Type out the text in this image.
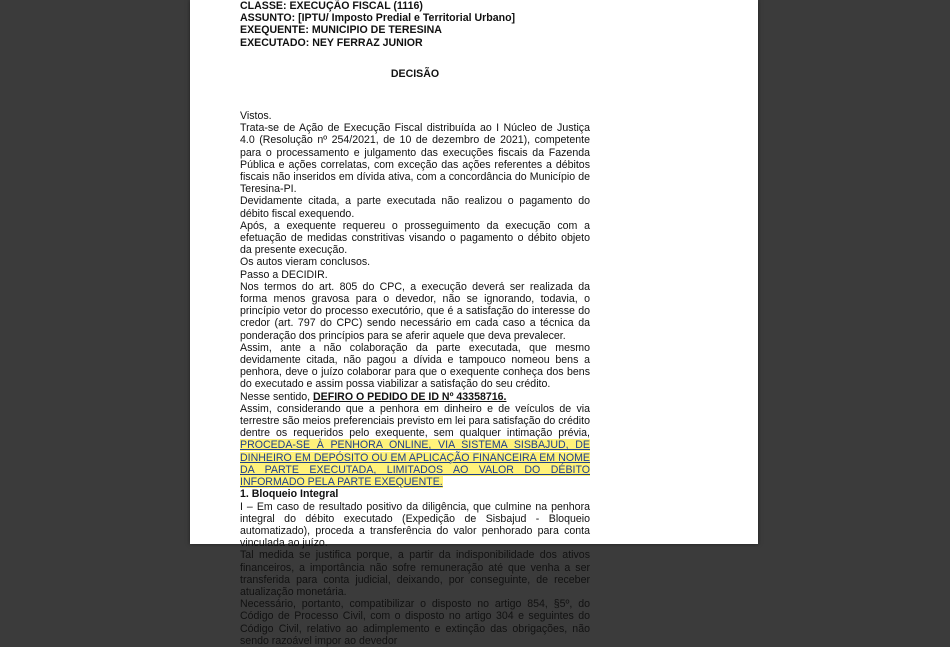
CLASSE: EXECUÇÃO FISCAL (1116)
ASSUNTO: [IPTU/ Imposto Predial e Territorial Urbano]
EXEQUENTE: MUNICIPIO DE TERESINA
EXECUTADO: NEY FERRAZ JUNIOR
DECISÃO

Vistos.

Trata-se de Ação de Execução Fiscal distribuída ao I Núcleo de Justiça 4.0 (Resolução nº 254/2021, de 10 de dezembro de 2021), competente para o processamento e julgamento das execuções fiscais da Fazenda Pública e ações correlatas, com exceção das ações referentes a débitos fiscais não inseridos em dívida ativa, com a concordância do Município de Teresina-PI.

Devidamente citada, a parte executada não realizou o pagamento do débito fiscal exequendo.

Após, a exequente requereu o prosseguimento da execução com a efetuação de medidas constritivas visando o pagamento o débito objeto da presente execução.

Os autos vieram conclusos.

Passo a DECIDIR.

Nos termos do art. 805 do CPC, a execução deverá ser realizada da forma menos gravosa para o devedor, não se ignorando, todavia, o princípio vetor do processo executório, que é a satisfação do interesse do credor (art. 797 do CPC) sendo necessário em cada caso a técnica da ponderação dos princípios para se aferir aquele que deva prevalecer.

Assim, ante a não colaboração da parte executada, que mesmo devidamente citada, não pagou a dívida e tampouco nomeou bens a penhora, deve o juízo colaborar para que o exequente conheça dos bens do executado e assim possa viabilizar a satisfação do seu crédito.

Nesse sentido, DEFIRO O PEDIDO DE ID Nº 43358716.

Assim, considerando que a penhora em dinheiro e de veículos de via terrestre são meios preferenciais previsto em lei para satisfação do crédito dentre os requeridos pelo exequente, sem qualquer intimação prévia, PROCEDA-SE À PENHORA ONLINE, VIA SISTEMA SISBAJUD, DE DINHEIRO EM DEPÓSITO OU EM APLICAÇÃO FINANCEIRA EM NOME DA PARTE EXECUTADA, LIMITADOS AO VALOR DO DÉBITO INFORMADO PELA PARTE EXEQUENTE.

1. Bloqueio Integral

I – Em caso de resultado positivo da diligência, que culmine na penhora integral do débito executado (Expedição de Sisbajud - Bloqueio automatizado), proceda a transferência do valor penhorado para conta vinculada ao juízo.

Tal medida se justifica porque, a partir da indisponibilidade dos ativos financeiros, a importância não sofre remuneração até que venha a ser transferida para conta judicial, deixando, por conseguinte, de receber atualização monetária.

Necessário, portanto, compatibilizar o disposto no artigo 854, §5º, do Código de Processo Civil, com o disposto no artigo 304 e seguintes do Código Civil, relativo ao adimplemento e extinção das obrigações, não sendo razoável impor ao devedor
